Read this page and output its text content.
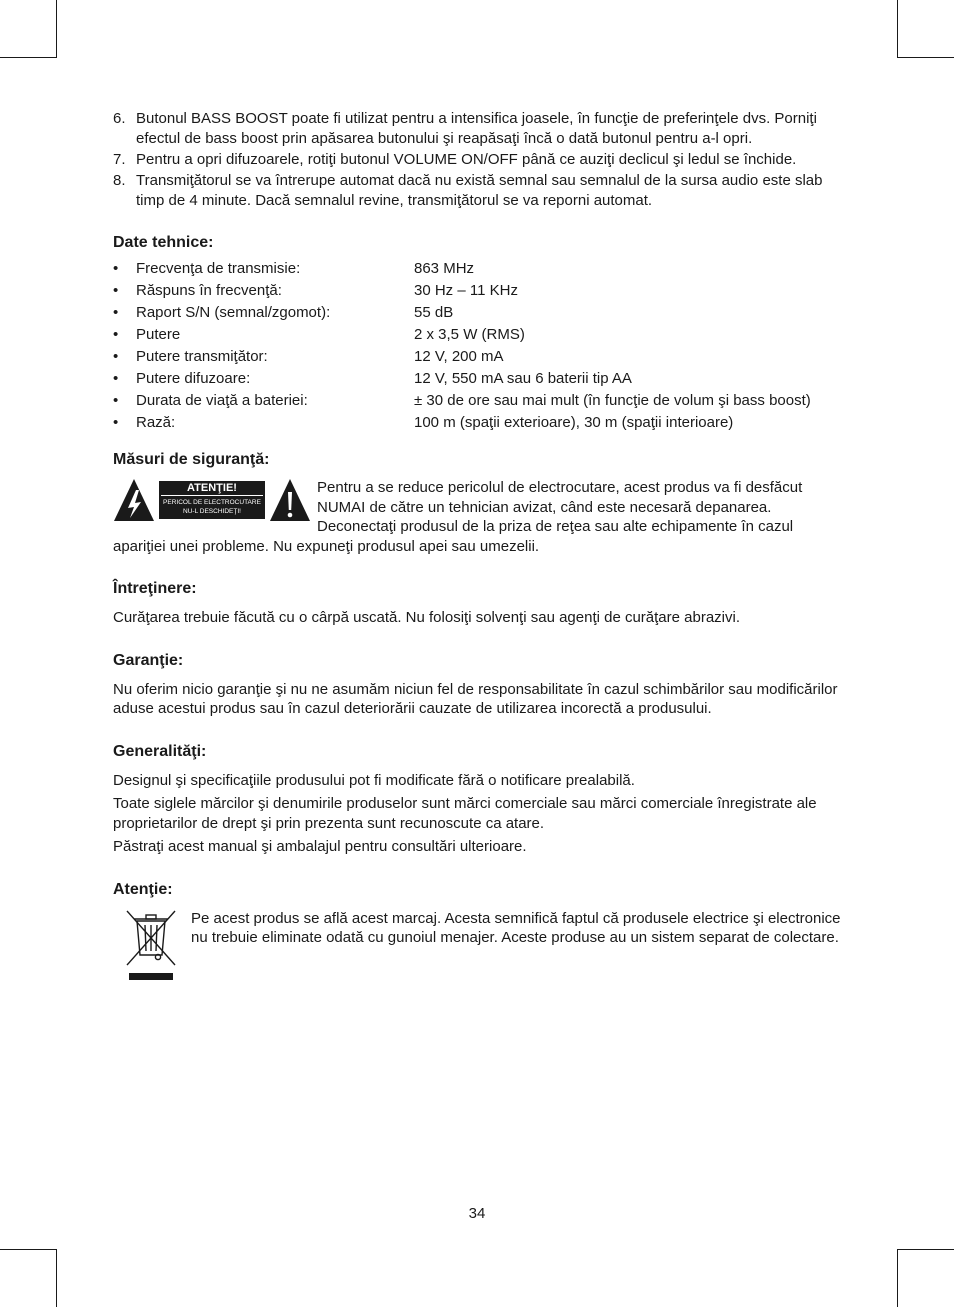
6. Butonul BASS BOOST poate fi utilizat pentru a intensifica joasele, în funcţie de preferinţele dvs. Porniţi efectul de bass boost prin apăsarea butonului şi reapăsaţi încă o dată butonul pentru a-l opri.
7. Pentru a opri difuzoarele, rotiţi butonul VOLUME ON/OFF până ce auziţi declicul şi ledul se închide.
8. Transmiţătorul se va întrerupe automat dacă nu există semnal sau semnalul de la sursa audio este slab timp de 4 minute. Dacă semnalul revine, transmiţătorul se va reporni automat.
Date tehnice:
•	Frecvenţa de transmisie:	863 MHz
•	Răspuns în frecvenţă:	30 Hz – 11 KHz
•	Raport S/N (semnal/zgomot):	55 dB
•	Putere	2 x 3,5 W (RMS)
•	Putere transmiţător:	12 V, 200 mA
•	Putere difuzoare:	12 V, 550 mA sau 6 baterii tip AA
•	Durata de viaţă a bateriei:	± 30 de ore sau mai mult (în funcţie de volum şi bass boost)
•	Rază:	100 m (spaţii exterioare), 30 m (spaţii interioare)
Măsuri de siguranţă:
ATENŢIE!
PERICOL DE ELECTROCUTARE
NU-L DESCHIDEŢI!
Pentru a se reduce pericolul de electrocutare, acest produs va fi desfăcut NUMAI de către un tehnician avizat, când este necesară depanarea. Deconectaţi produsul de la priza de reţea sau alte echipamente în cazul apariţiei unei probleme. Nu expuneţi produsul apei sau umezelii.
Întreţinere:

Curăţarea trebuie făcută cu o cârpă uscată. Nu folosiţi solvenţi sau agenţi de curăţare abrazivi.

Garanţie:

Nu oferim nicio garanţie şi nu ne asumăm niciun fel de responsabilitate în cazul schimbărilor sau modificărilor aduse acestui produs sau în cazul deteriorării cauzate de utilizarea incorectă a produsului.

Generalităţi:

Designul şi specificaţiile produsului pot fi modificate fără o notificare prealabilă.

Toate siglele mărcilor şi denumirile produselor sunt mărci comerciale sau mărci comerciale înregistrate ale proprietarilor de drept şi prin prezenta sunt recunoscute ca atare.

Păstraţi acest manual şi ambalajul pentru consultări ulterioare.

Atenţie:
Pe acest produs se află acest marcaj. Acesta semnifică faptul că produsele electrice şi electronice nu trebuie eliminate odată cu gunoiul menajer. Aceste produse au un sistem separat de colectare.
34
